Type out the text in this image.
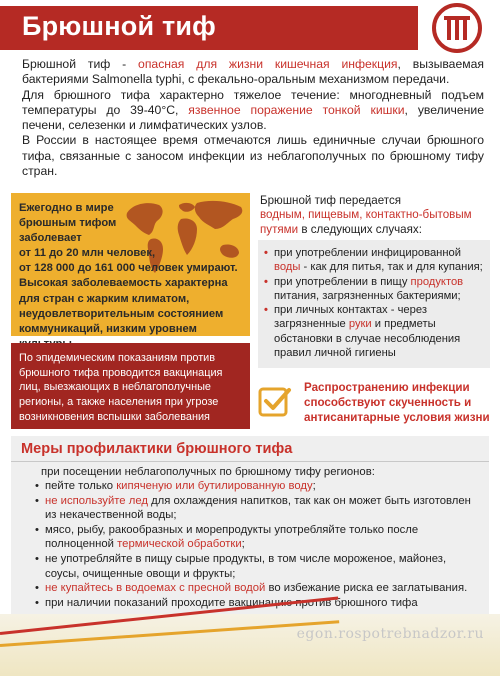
Брюшной тиф

Брюшной тиф - опасная для жизни кишечная инфекция, вызываемая бактериями Salmonella typhi, с фекально-оральным механизмом передачи.

Для брюшного тифа характерно тяжелое течение: многодневный подъем температуры до 39-40°С, язвенное поражение тонкой кишки, увеличение печени, селезенки и лимфатических узлов.

В России в настоящее время отмечаются лишь единичные случаи брюшного тифа, связанные с заносом инфекции из неблагополучных по брюшному тифу стран.

Ежегодно в мире
брюшным тифом
заболевает
от 11 до 20 млн человек,
от 128 000 до 161 000 человек умирают.
Высокая заболеваемость характерна
для стран с жарким климатом,
неудовлетворительным состоянием
коммуникаций, низким уровнем
По эпидемическим показаниям против
брюшного тифа проводится вакцинация
лиц, выезжающих в неблагополучные
регионы, а также населения при угрозе
возникновения вспышки заболевания
Брюшной тиф передается
водным, пищевым, контактно-бытовым путями в следующих случаях:
• при употреблении инфицированной воды - как для питья, так и для купания;
• при употреблении в пищу продуктов питания, загрязненных бактериями;
• при личных контактах - через загрязненные руки и предметы обстановки в случае несоблюдения правил личной гигиены
Распространению инфекции способствуют скученность и антисанитарные условия жизни
Меры профилактики брюшного тифа
при посещении неблагополучных по брюшному тифу регионов:
• пейте только кипяченую или бутилированную воду;
• не используйте лед для охлаждения напитков, так как он может быть изготовлен из некачественной воды;
• мясо, рыбу, ракообразных и морепродукты употребляйте только после полноценной термической обработки;
• не употребляйте в пищу сырые продукты, в том числе мороженое, майонез, соусы, очищенные овощи и фрукты;
• не купайтесь в водоемах с пресной водой во избежание риска ее заглатывания.
• при наличии показаний проходите вакцинацию против брюшного тифа
egon.rospotrebnadzor.ru
